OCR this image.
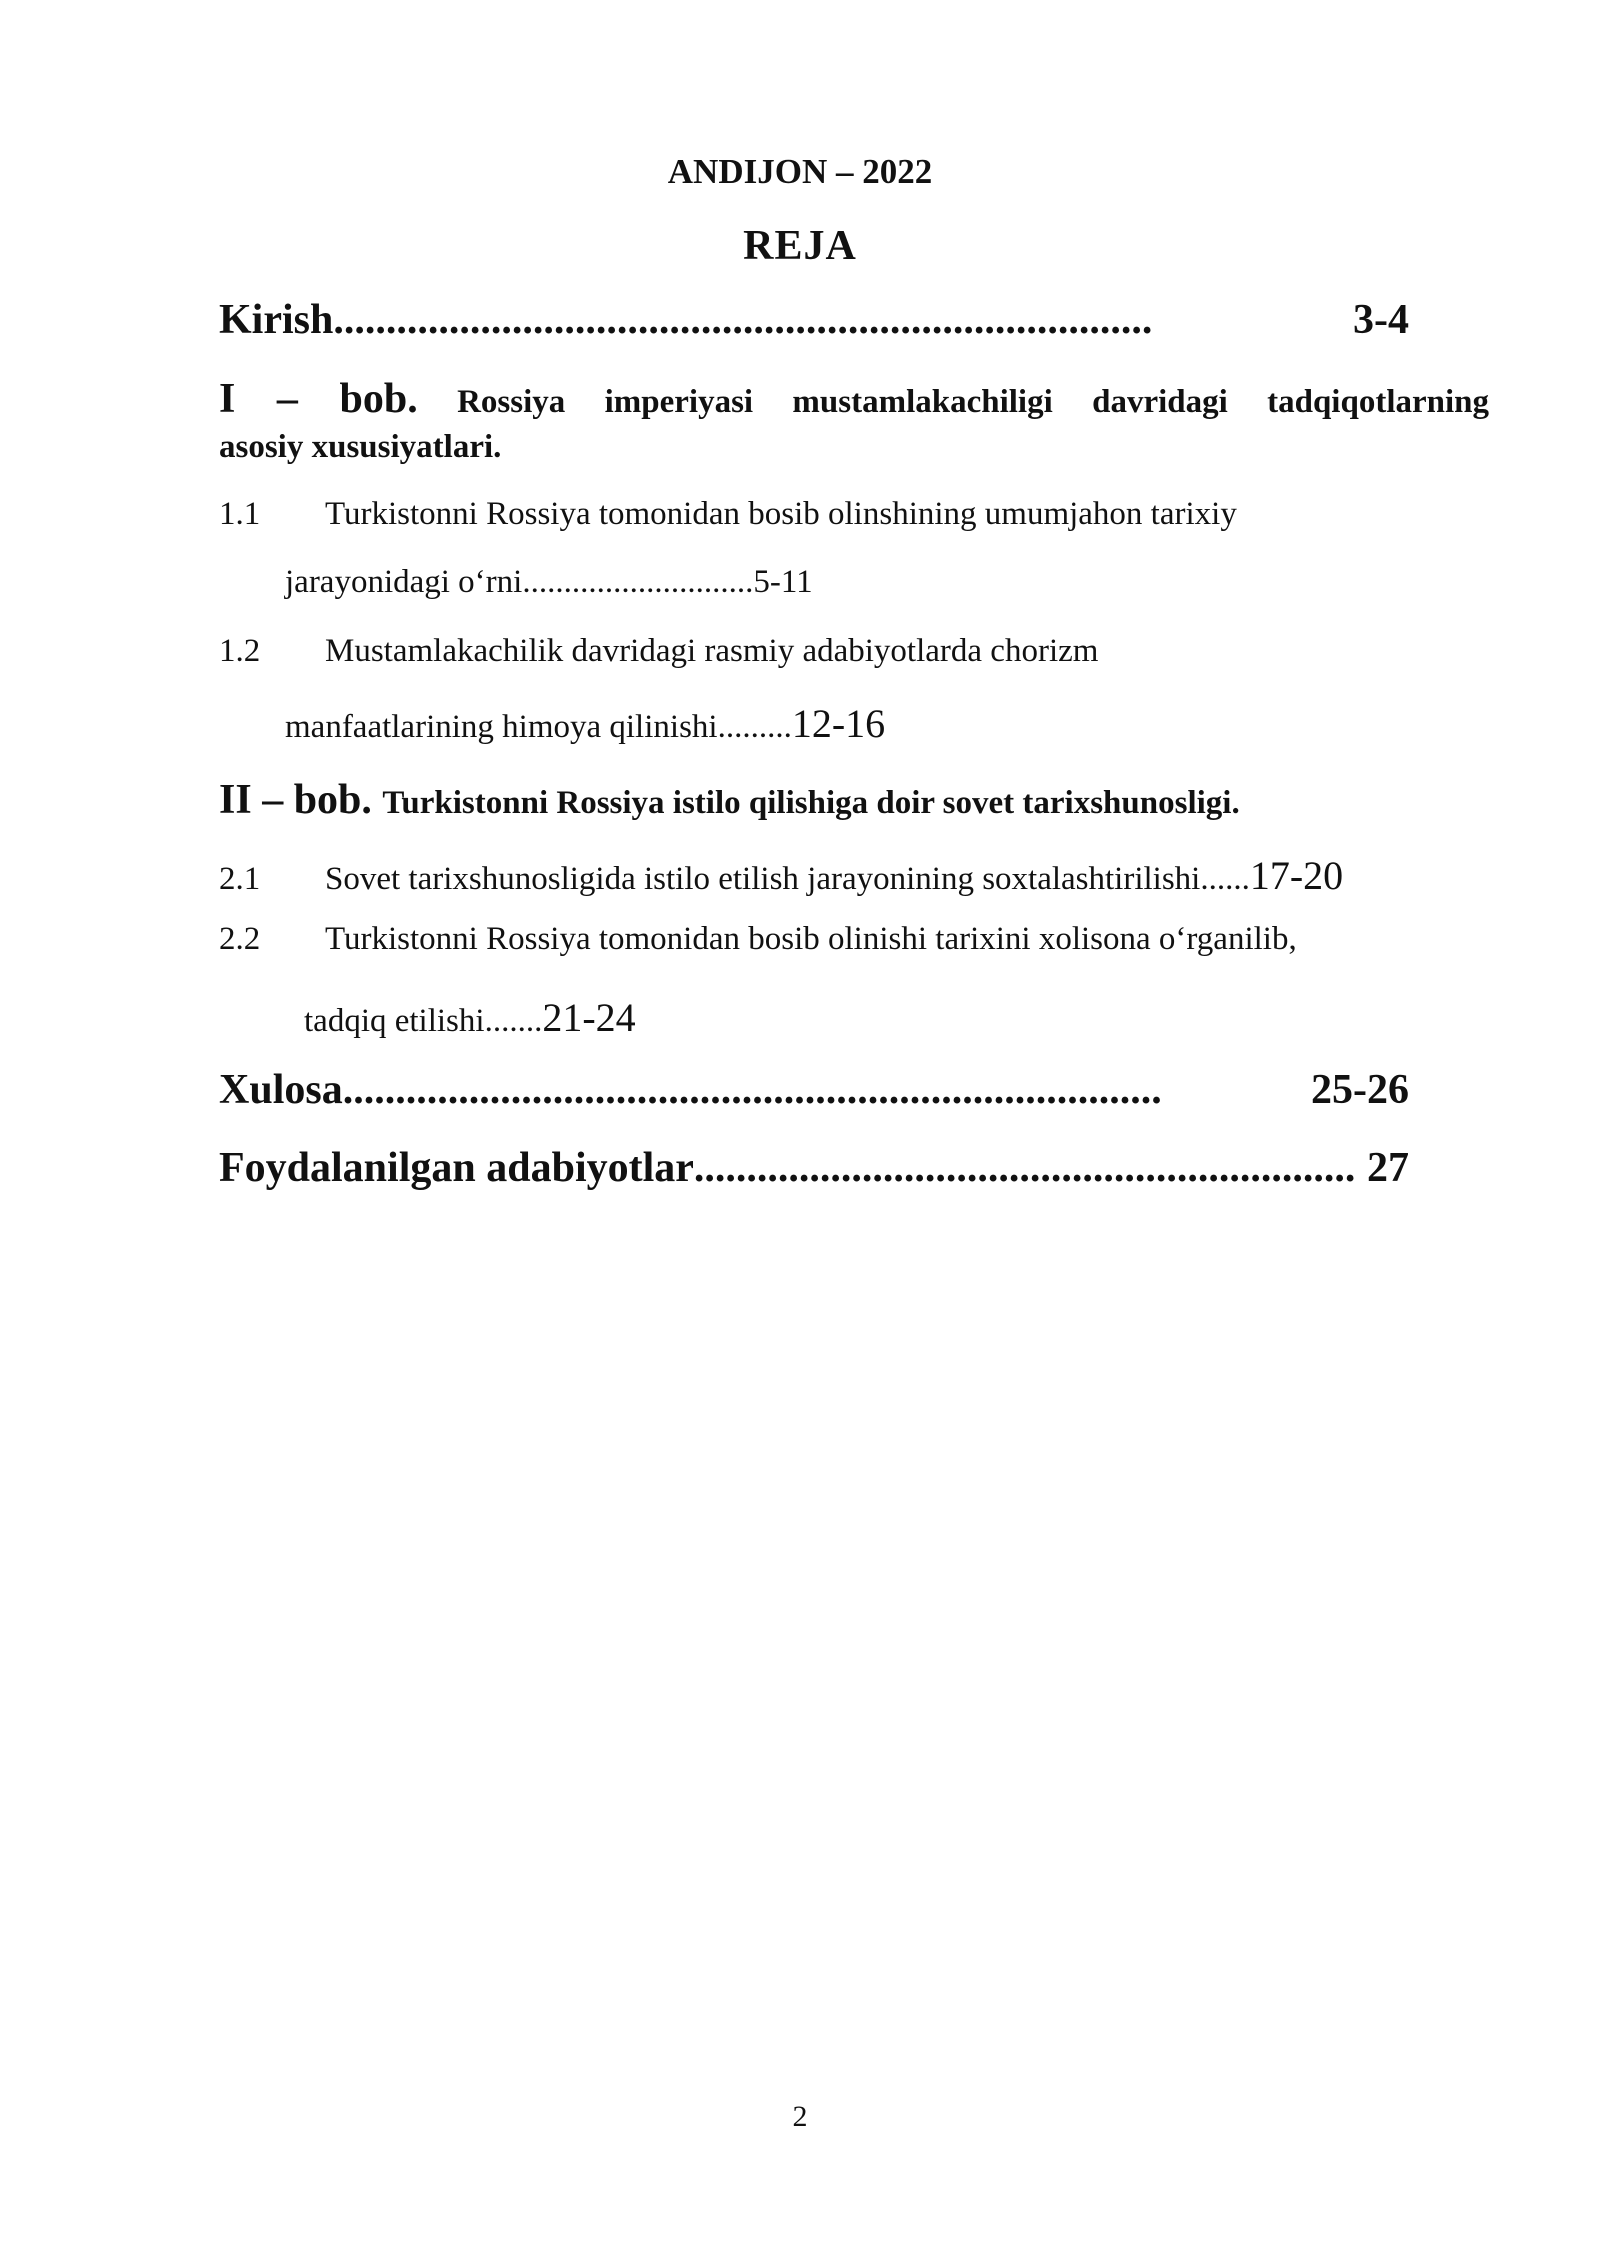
ANDIJON – 2022
REJA
Kirish ..............................................................................	3-4
I – bob. Rossiya imperiyasi mustamlakachiligi davridagi tadqiqotlarning
asosiy xususiyatlari.
1.1 Turkistonni Rossiya tomonidan bosib olinshining umumjahon tarixiy
jarayonidagi o‘rni............................5-11
1.2 Mustamlakachilik davridagi rasmiy adabiyotlarda chorizm
manfaatlarining himoya qilinishi.........12-16
II – bob. Turkistonni Rossiya istilo qilishiga doir sovet tarixshunosligi.
2.1 Sovet tarixshunosligida istilo etilish jarayonining soxtalashtirilishi......17-20
2.2 Turkistonni Rossiya tomonidan bosib olinishi tarixini xolisona o‘rganilib,
tadqiq etilishi.......21-24
Xulosa ..............................................................................	25-26
Foydalanilgan adabiyotlar ............................................................... 27
2
